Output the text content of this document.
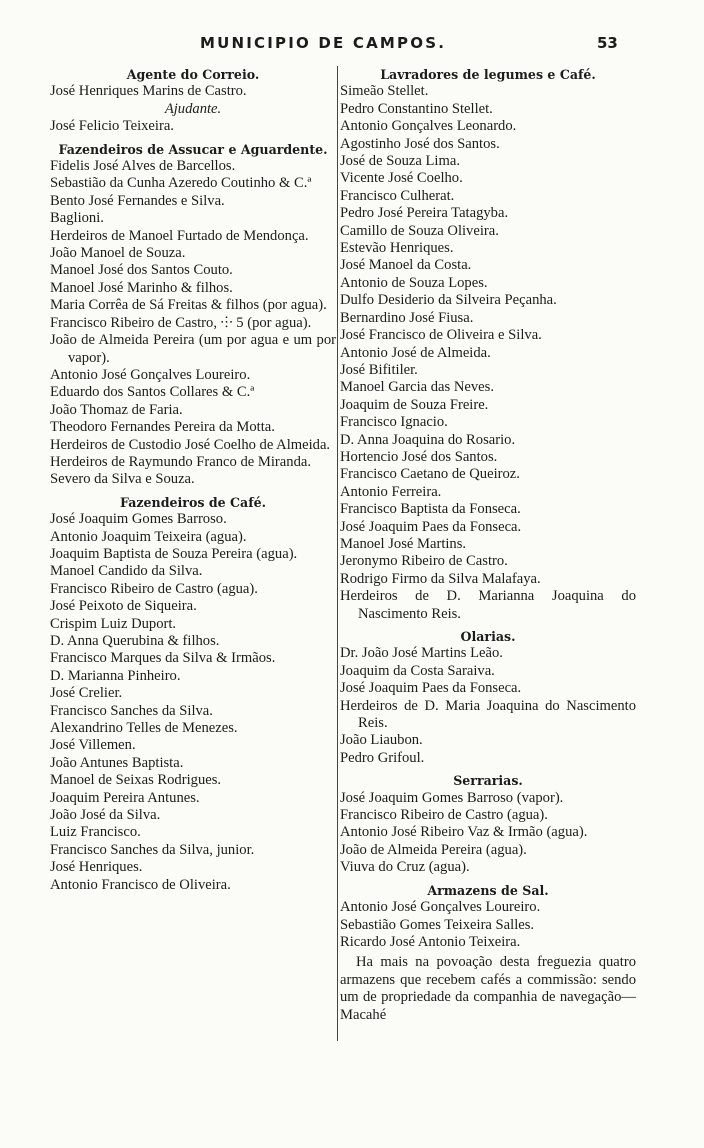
MUNICIPIO DE CAMPOS.	53
Agente do Correio.
José Henriques Marins de Castro.
Ajudante.
José Felicio Teixeira.
Fazendeiros de Assucar e Aguardente.
Fidelis José Alves de Barcellos.
Sebastião da Cunha Azeredo Coutinho & C.ª
Bento José Fernandes e Silva.
Baglioni.
Herdeiros de Manoel Furtado de Mendonça.
João Manoel de Souza.
Manoel José dos Santos Couto.
Manoel José Marinho & filhos.
Maria Corrêa de Sá Freitas & filhos (por agua).
Francisco Ribeiro de Castro, ⸭ 5 (por agua).
João de Almeida Pereira (um por agua e um por vapor).
Antonio José Gonçalves Loureiro.
Eduardo dos Santos Collares & C.ª
João Thomaz de Faria.
Theodoro Fernandes Pereira da Motta.
Herdeiros de Custodio José Coelho de Almeida.
Herdeiros de Raymundo Franco de Miranda.
Severo da Silva e Souza.
Fazendeiros de Café.
José Joaquim Gomes Barroso.
Antonio Joaquim Teixeira (agua).
Joaquim Baptista de Souza Pereira (agua).
Manoel Candido da Silva.
Francisco Ribeiro de Castro (agua).
José Peixoto de Siqueira.
Crispim Luiz Duport.
D. Anna Querubina & filhos.
Francisco Marques da Silva & Irmãos.
D. Marianna Pinheiro.
José Crelier.
Francisco Sanches da Silva.
Alexandrino Telles de Menezes.
José Villemen.
João Antunes Baptista.
Manoel de Seixas Rodrigues.
Joaquim Pereira Antunes.
João José da Silva.
Luiz Francisco.
Francisco Sanches da Silva, junior.
José Henriques.
Antonio Francisco de Oliveira.
Lavradores de legumes e Café.
Simeão Stellet.
Pedro Constantino Stellet.
Antonio Gonçalves Leonardo.
Agostinho José dos Santos.
José de Souza Lima.
Vicente José Coelho.
Francisco Culherat.
Pedro José Pereira Tatagyba.
Camillo de Souza Oliveira.
Estevão Henriques.
José Manoel da Costa.
Antonio de Souza Lopes.
Dulfo Desiderio da Silveira Peçanha.
Bernardino José Fiusa.
José Francisco de Oliveira e Silva.
Antonio José de Almeida.
José Bifitiler.
Manoel Garcia das Neves.
Joaquim de Souza Freire.
Francisco Ignacio.
D. Anna Joaquina do Rosario.
Hortencio José dos Santos.
Francisco Caetano de Queiroz.
Antonio Ferreira.
Francisco Baptista da Fonseca.
José Joaquim Paes da Fonseca.
Manoel José Martins.
Jeronymo Ribeiro de Castro.
Rodrigo Firmo da Silva Malafaya.
Herdeiros de D. Marianna Joaquina do Nascimento Reis.
Olarias.
Dr. João José Martins Leão.
Joaquim da Costa Saraiva.
José Joaquim Paes da Fonseca.
Herdeiros de D. Maria Joaquina do Nascimento Reis.
João Liaubon.
Pedro Grifoul.
Serrarias.
José Joaquim Gomes Barroso (vapor).
Francisco Ribeiro de Castro (agua).
Antonio José Ribeiro Vaz & Irmão (agua).
João de Almeida Pereira (agua).
Viuva do Cruz (agua).
Armazens de Sal.
Antonio José Gonçalves Loureiro.
Sebastião Gomes Teixeira Salles.
Ricardo José Antonio Teixeira.
Ha mais na povoação desta freguezia quatro armazens que recebem cafés a commissão: sendo um de propriedade da companhia de navegação—Macahé
